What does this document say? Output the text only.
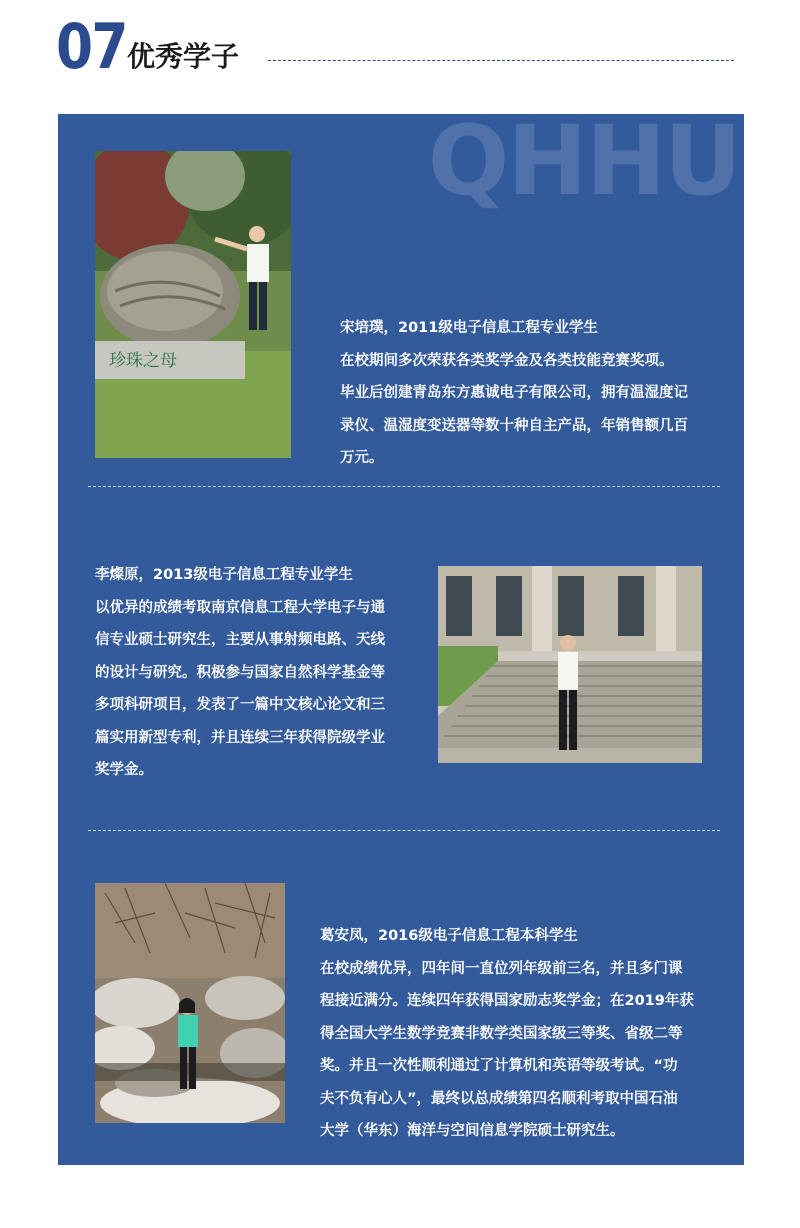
07 优秀学子
QHHU
珍珠之母
宋培璞，2011级电子信息工程专业学生
在校期间多次荣获各类奖学金及各类技能竞赛奖项。
毕业后创建青岛东方惠诚电子有限公司，拥有温湿度记
录仪、温湿度变送器等数十种自主产品，年销售额几百
万元。
李燦原，2013级电子信息工程专业学生
以优异的成绩考取南京信息工程大学电子与通
信专业硕士研究生，主要从事射频电路、天线
的设计与研究。积极参与国家自然科学基金等
多项科研项目，发表了一篇中文核心论文和三
篇实用新型专利，并且连续三年获得院级学业
奖学金。
葛安凤，2016级电子信息工程本科学生
在校成绩优异，四年间一直位列年级前三名，并且多门课
程接近满分。连续四年获得国家励志奖学金；在2019年获
得全国大学生数学竞赛非数学类国家级三等奖、省级二等
奖。并且一次性顺利通过了计算机和英语等级考试。“功
夫不负有心人”，最终以总成绩第四名顺利考取中国石油
大学（华东）海洋与空间信息学院硕士研究生。
